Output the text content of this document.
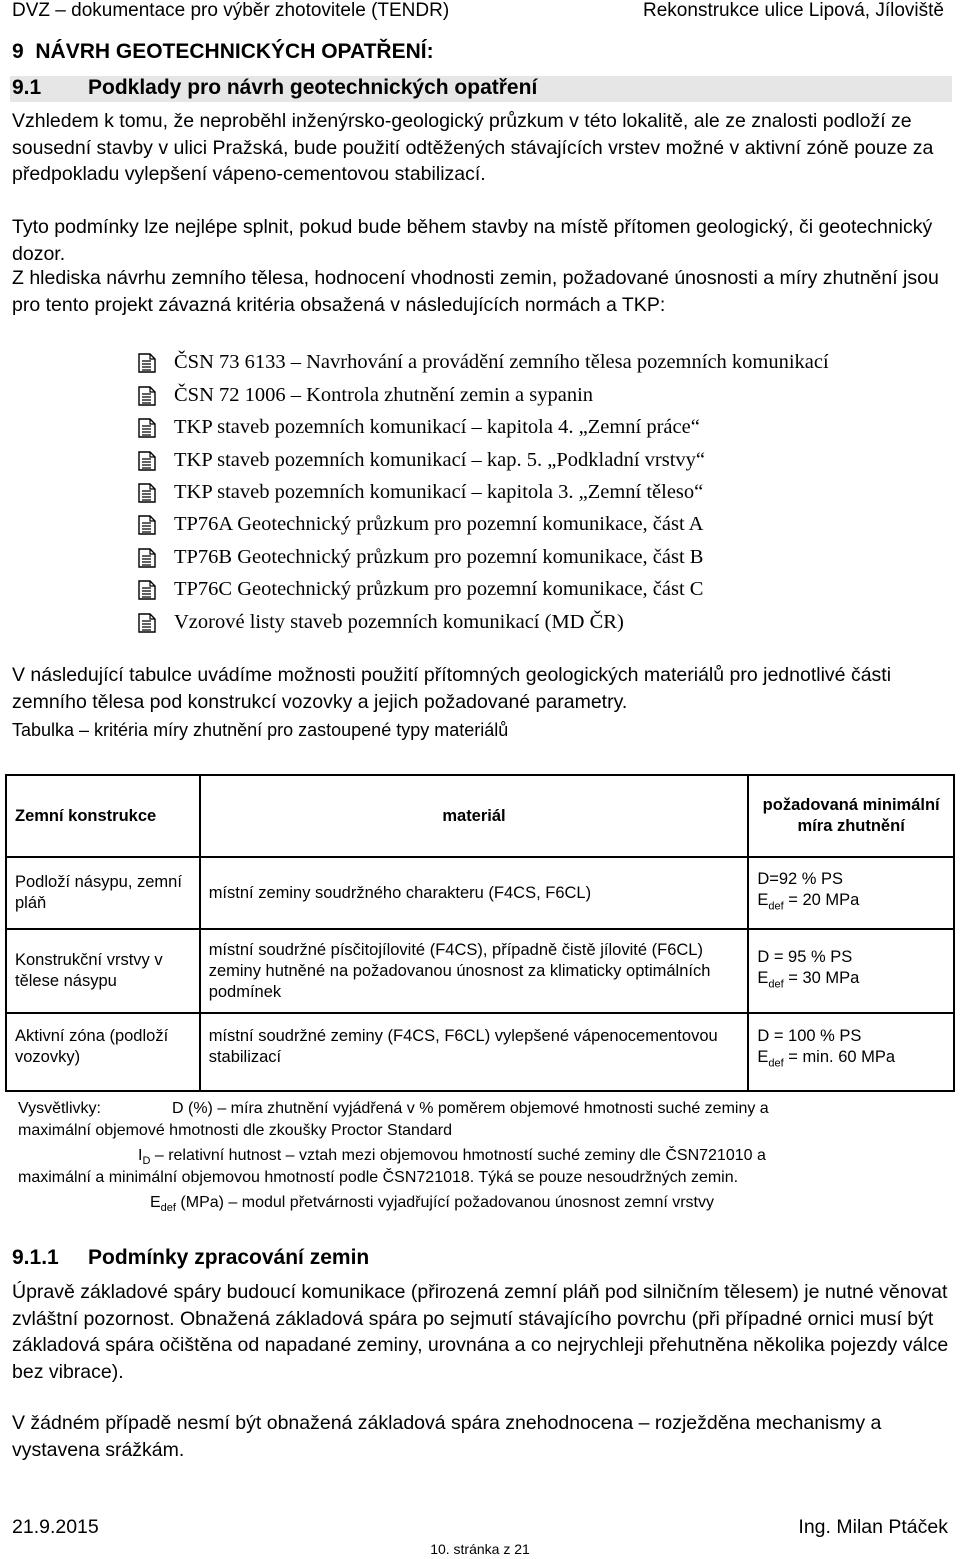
DVZ – dokumentace pro výběr zhotovitele (TENDR)	Rekonstrukce ulice Lipová, Jíloviště
9 NÁVRH GEOTECHNICKÝCH OPATŘENÍ:
9.1 Podklady pro návrh geotechnických opatření
Vzhledem k tomu, že neproběhl inženýrsko-geologický průzkum v této lokalitě, ale ze znalosti podloží ze sousední stavby v ulici Pražská, bude použití odtěžených stávajících vrstev možné v aktivní zóně pouze za předpokladu vylepšení vápeno-cementovou stabilizací.
Tyto podmínky lze nejlépe splnit, pokud bude během stavby na místě přítomen geologický, či geotechnický dozor.
Z hlediska návrhu zemního tělesa, hodnocení vhodnosti zemin, požadované únosnosti a míry zhutnění jsou pro tento projekt závazná kritéria obsažená v následujících normách a TKP:
ČSN 73 6133 – Navrhování a provádění zemního tělesa pozemních komunikací
ČSN 72 1006 – Kontrola zhutnění zemin a sypanin
TKP staveb pozemních komunikací – kapitola 4. „Zemní práce“
TKP staveb pozemních komunikací – kap. 5. „Podkladní vrstvy“
TKP staveb pozemních komunikací – kapitola 3. „Zemní těleso“
TP76A Geotechnický průzkum pro pozemní komunikace, část A
TP76B Geotechnický průzkum pro pozemní komunikace, část B
TP76C Geotechnický průzkum pro pozemní komunikace, část C
Vzorové listy staveb pozemních komunikací (MD ČR)
V následující tabulce uvádíme možnosti použití přítomných geologických materiálů pro jednotlivé části zemního tělesa pod konstrukcí vozovky a jejich požadované parametry.
Tabulka – kritéria míry zhutnění pro zastoupené typy materiálů
Zemní konstrukce	materiál	požadovaná minimální míra zhutnění
Podloží násypu, zemní pláň	místní zeminy soudržného charakteru (F4CS, F6CL)	D=92 % PS
$E_{def} = 20$ MPa

Konstrukční vrstvy v tělese násypu	místní soudržné písčitojílovité (F4CS), případně čistě jílovité (F6CL) zeminy hutněné na požadovanou únosnost za klimaticky optimálních podmínek	D = 95 % PS
$E_{def} = 30$ MPa

Aktivní zóna (podloží vozovky)	místní soudržné zeminy (F4CS, F6CL) vylepšené vápenocementovou stabilizací	D = 100 % PS
$E_{def} = \min$. 60 MPa
Vysvětlivky:	D (%) – míra zhutnění vyjádřená v % poměrem objemové hmotnosti suché zeminy a
maximální objemové hmotnosti dle zkoušky Proctor Standard
$I_D$ – relativní hutnost – vztah mezi objemovou hmotností suché zeminy dle ČSN721010 a
maximální a minimální objemovou hmotností podle ČSN721018. Týká se pouze nesoudržných zemin.
$E_{def}$ (MPa) – modul přetvárnosti vyjadřující požadovanou únosnost zemní vrstvy
9.1.1 Podmínky zpracování zemin
Úpravě základové spáry budoucí komunikace (přirozená zemní pláň pod silničním tělesem) je nutné věnovat zvláštní pozornost. Obnažená základová spára po sejmutí stávajícího povrchu (při případné ornici musí být základová spára očištěna od napadané zeminy, urovnána a co nejrychleji přehutněna několika pojezdy válce bez vibrace).
V žádném případě nesmí být obnažená základová spára znehodnocena – rozježděna mechanismy a vystavena srážkám.
21.9.2015	Ing. Milan Ptáček
10. stránka z 21
